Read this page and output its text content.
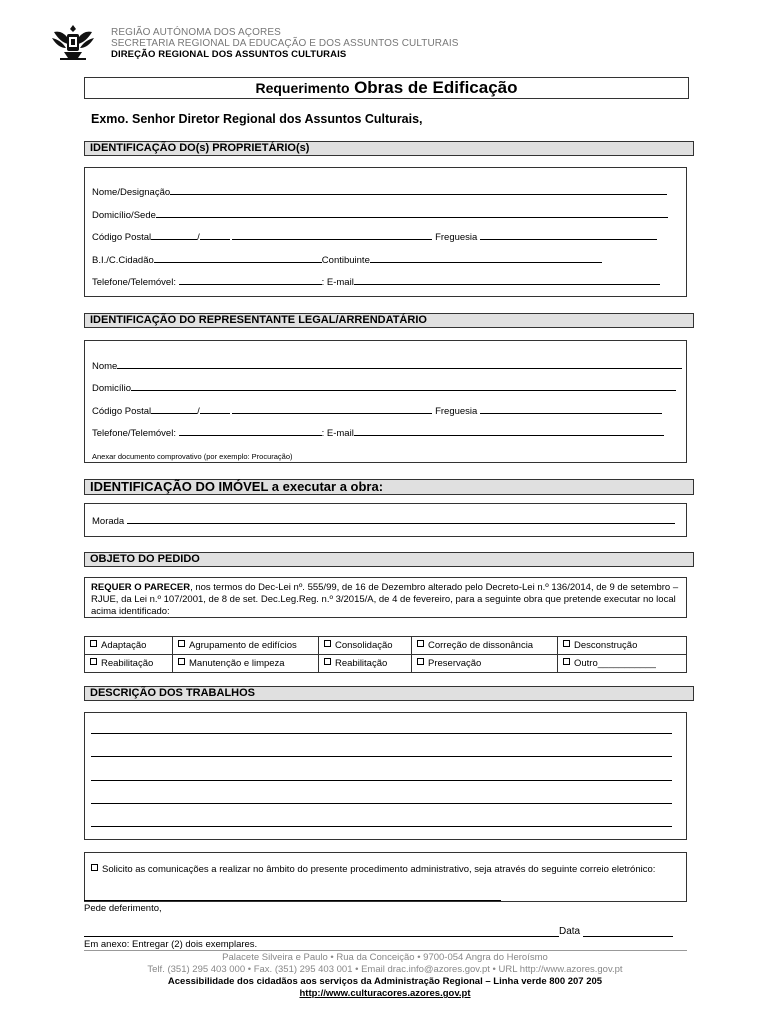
REGIÃO AUTÓNOMA DOS AÇORES
SECRETARIA REGIONAL DA EDUCAÇÃO E DOS ASSUNTOS CULTURAIS
DIREÇÃO REGIONAL DOS ASSUNTOS CULTURAIS
Requerimento Obras de Edificação
Exmo. Senhor Diretor Regional dos Assuntos Culturais,
IDENTIFICAÇÃO DO(s) PROPRIETÁRIO(s)
Nome/Designação
Domicílio/Sede
Código Postal	/	Freguesia
B.I./C.Cidadão	Contibuinte
Telefone/Telemóvel:	: E-mail
IDENTIFICAÇÃO DO REPRESENTANTE LEGAL/ARRENDATÁRIO
Nome
Domicílio
Código Postal	/	Freguesia
Telefone/Telemóvel:	: E-mail
Anexar documento comprovativo (por exemplo: Procuração)
IDENTIFICAÇÃO DO IMÓVEL a executar a obra:
Morada
OBJETO DO PEDIDO
REQUER O PARECER, nos termos do Dec-Lei nº. 555/99, de 16 de Dezembro alterado pelo Decreto-Lei n.º 136/2014, de 9 de setembro – RJUE, da Lei n.º 107/2001, de 8 de set. Dec.Leg.Reg. n.º 3/2015/A, de 4 de fevereiro, para a seguinte obra que pretende executar no local acima identificado:
Adaptação	Agrupamento de edifícios	Consolidação	Correção de dissonância	Desconstrução
Reabilitação	Manutenção e limpeza	Reabilitação	Preservação	Outro___________
DESCRIÇÃO DOS TRABALHOS
Solicito as comunicações a realizar no âmbito do presente procedimento administrativo, seja através do seguinte correio eletrónico:
Pede deferimento,
Data
Em anexo: Entregar (2) dois exemplares.
Palacete Silveira e Paulo • Rua da Conceição • 9700-054 Angra do Heroísmo
Telf. (351) 295 403 000 • Fax. (351) 295 403 001 • Email drac.info@azores.gov.pt • URL http://www.azores.gov.pt
Acessibilidade dos cidadãos aos serviços da Administração Regional – Linha verde 800 207 205
http://www.culturacores.azores.gov.pt
